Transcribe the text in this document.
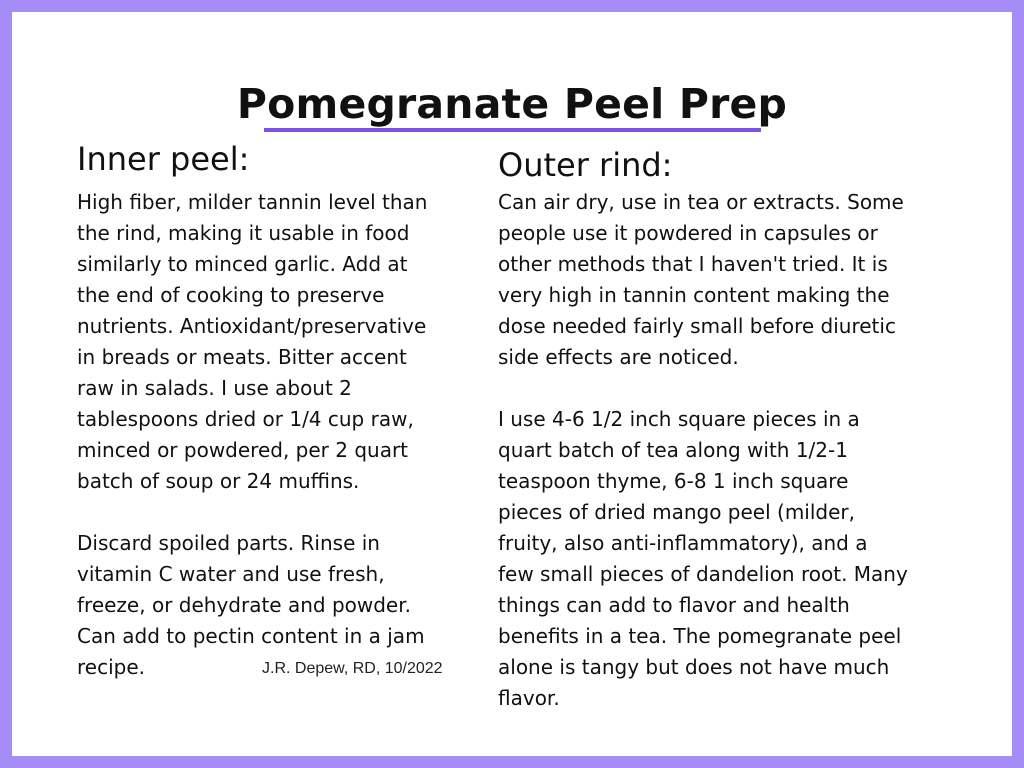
Pomegranate Peel Prep
Inner peel:

High fiber, milder tannin level than
the rind, making it usable in food
similarly to minced garlic. Add at
the end of cooking to preserve
nutrients. Antioxidant/preservative
in breads or meats. Bitter accent
raw in salads. I use about 2
tablespoons dried or 1/4 cup raw,
minced or powdered, per 2 quart
batch of soup or 24 muffins.

Discard spoiled parts. Rinse in
vitamin C water and use fresh,
freeze, or dehydrate and powder.
Can add to pectin content in a jam
recipe.	J.R. Depew, RD, 10/2022
Outer rind:

Can air dry, use in tea or extracts. Some
people use it powdered in capsules or
other methods that I haven't tried. It is
very high in tannin content making the
dose needed fairly small before diuretic
side effects are noticed.

I use 4-6 1/2 inch square pieces in a
quart batch of tea along with 1/2-1
teaspoon thyme, 6-8 1 inch square
pieces of dried mango peel (milder,
fruity, also anti-inflammatory), and a
few small pieces of dandelion root. Many
things can add to flavor and health
benefits in a tea. The pomegranate peel
alone is tangy but does not have much
flavor.
